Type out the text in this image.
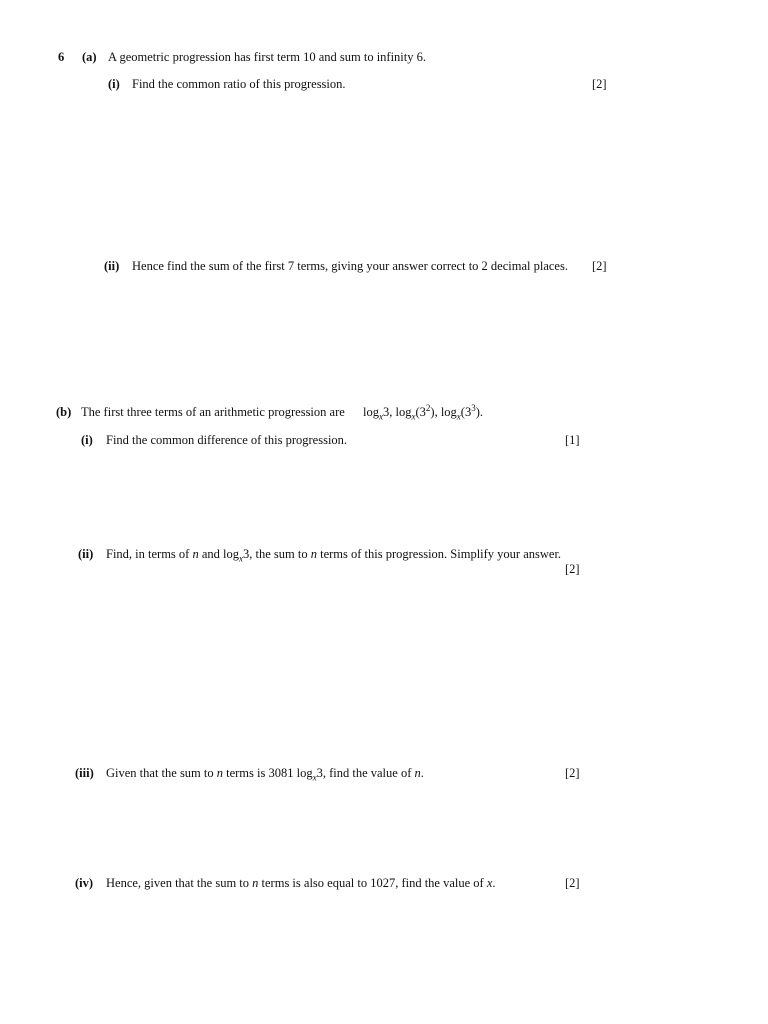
6 (a) A geometric progression has first term 10 and sum to infinity 6.
(i) Find the common ratio of this progression.	[2]
(ii) Hence find the sum of the first 7 terms, giving your answer correct to 2 decimal places. [2]
(b) The first three terms of an arithmetic progression are $\log_x3$, $\log_x(3^2)$, $\log_x(3^3)$.
(i) Find the common difference of this progression.	[1]
(ii) Find, in terms of n and $\log_x3$, the sum to n terms of this progression. Simplify your answer.
[2]
(iii) Given that the sum to n terms is 3081 $\log_x3$, find the value of n.	[2]
(iv) Hence, given that the sum to n terms is also equal to 1027, find the value of x.	[2]
